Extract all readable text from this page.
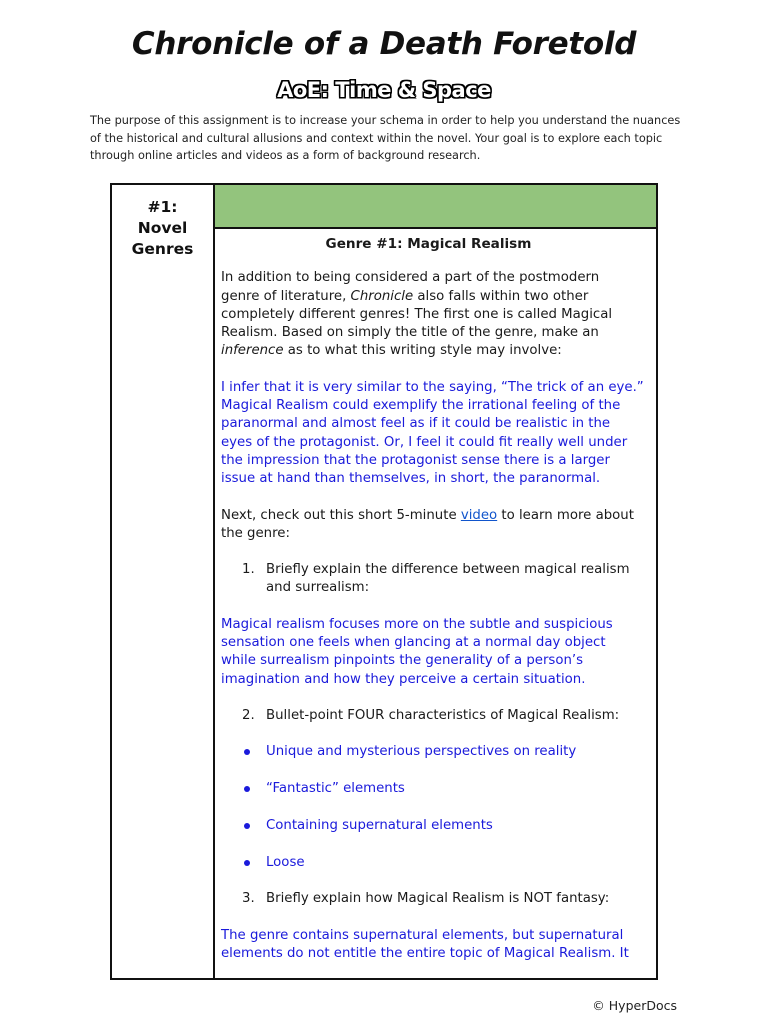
Chronicle of a Death Foretold
AoE: Time & Space
The purpose of this assignment is to increase your schema in order to help you understand the nuances
of the historical and cultural allusions and context within the novel. Your goal is to explore each topic
through online articles and videos as a form of background research.
#1:
Novel
Genres	Genre #1: Magical Realism
In addition to being considered a part of the postmodern
genre of literature, Chronicle also falls within two other
completely different genres! The first one is called Magical
Realism. Based on simply the title of the genre, make an
inference as to what this writing style may involve:
I infer that it is very similar to the saying, “The trick of an eye.”
Magical Realism could exemplify the irrational feeling of the
paranormal and almost feel as if it could be realistic in the
eyes of the protagonist. Or, I feel it could fit really well under
the impression that the protagonist sense there is a larger
issue at hand than themselves, in short, the paranormal.
Next, check out this short 5-minute video to learn more about
the genre:
1. Briefly explain the difference between magical realism
and surrealism:
Magical realism focuses more on the subtle and suspicious
sensation one feels when glancing at a normal day object
while surrealism pinpoints the generality of a person’s
imagination and how they perceive a certain situation.
2. Bullet-point FOUR characteristics of Magical Realism:
Unique and mysterious perspectives on reality
“Fantastic” elements
Containing supernatural elements
Loose
3. Briefly explain how Magical Realism is NOT fantasy:
The genre contains supernatural elements, but supernatural
elements do not entitle the entire topic of Magical Realism. It
© HyperDocs
